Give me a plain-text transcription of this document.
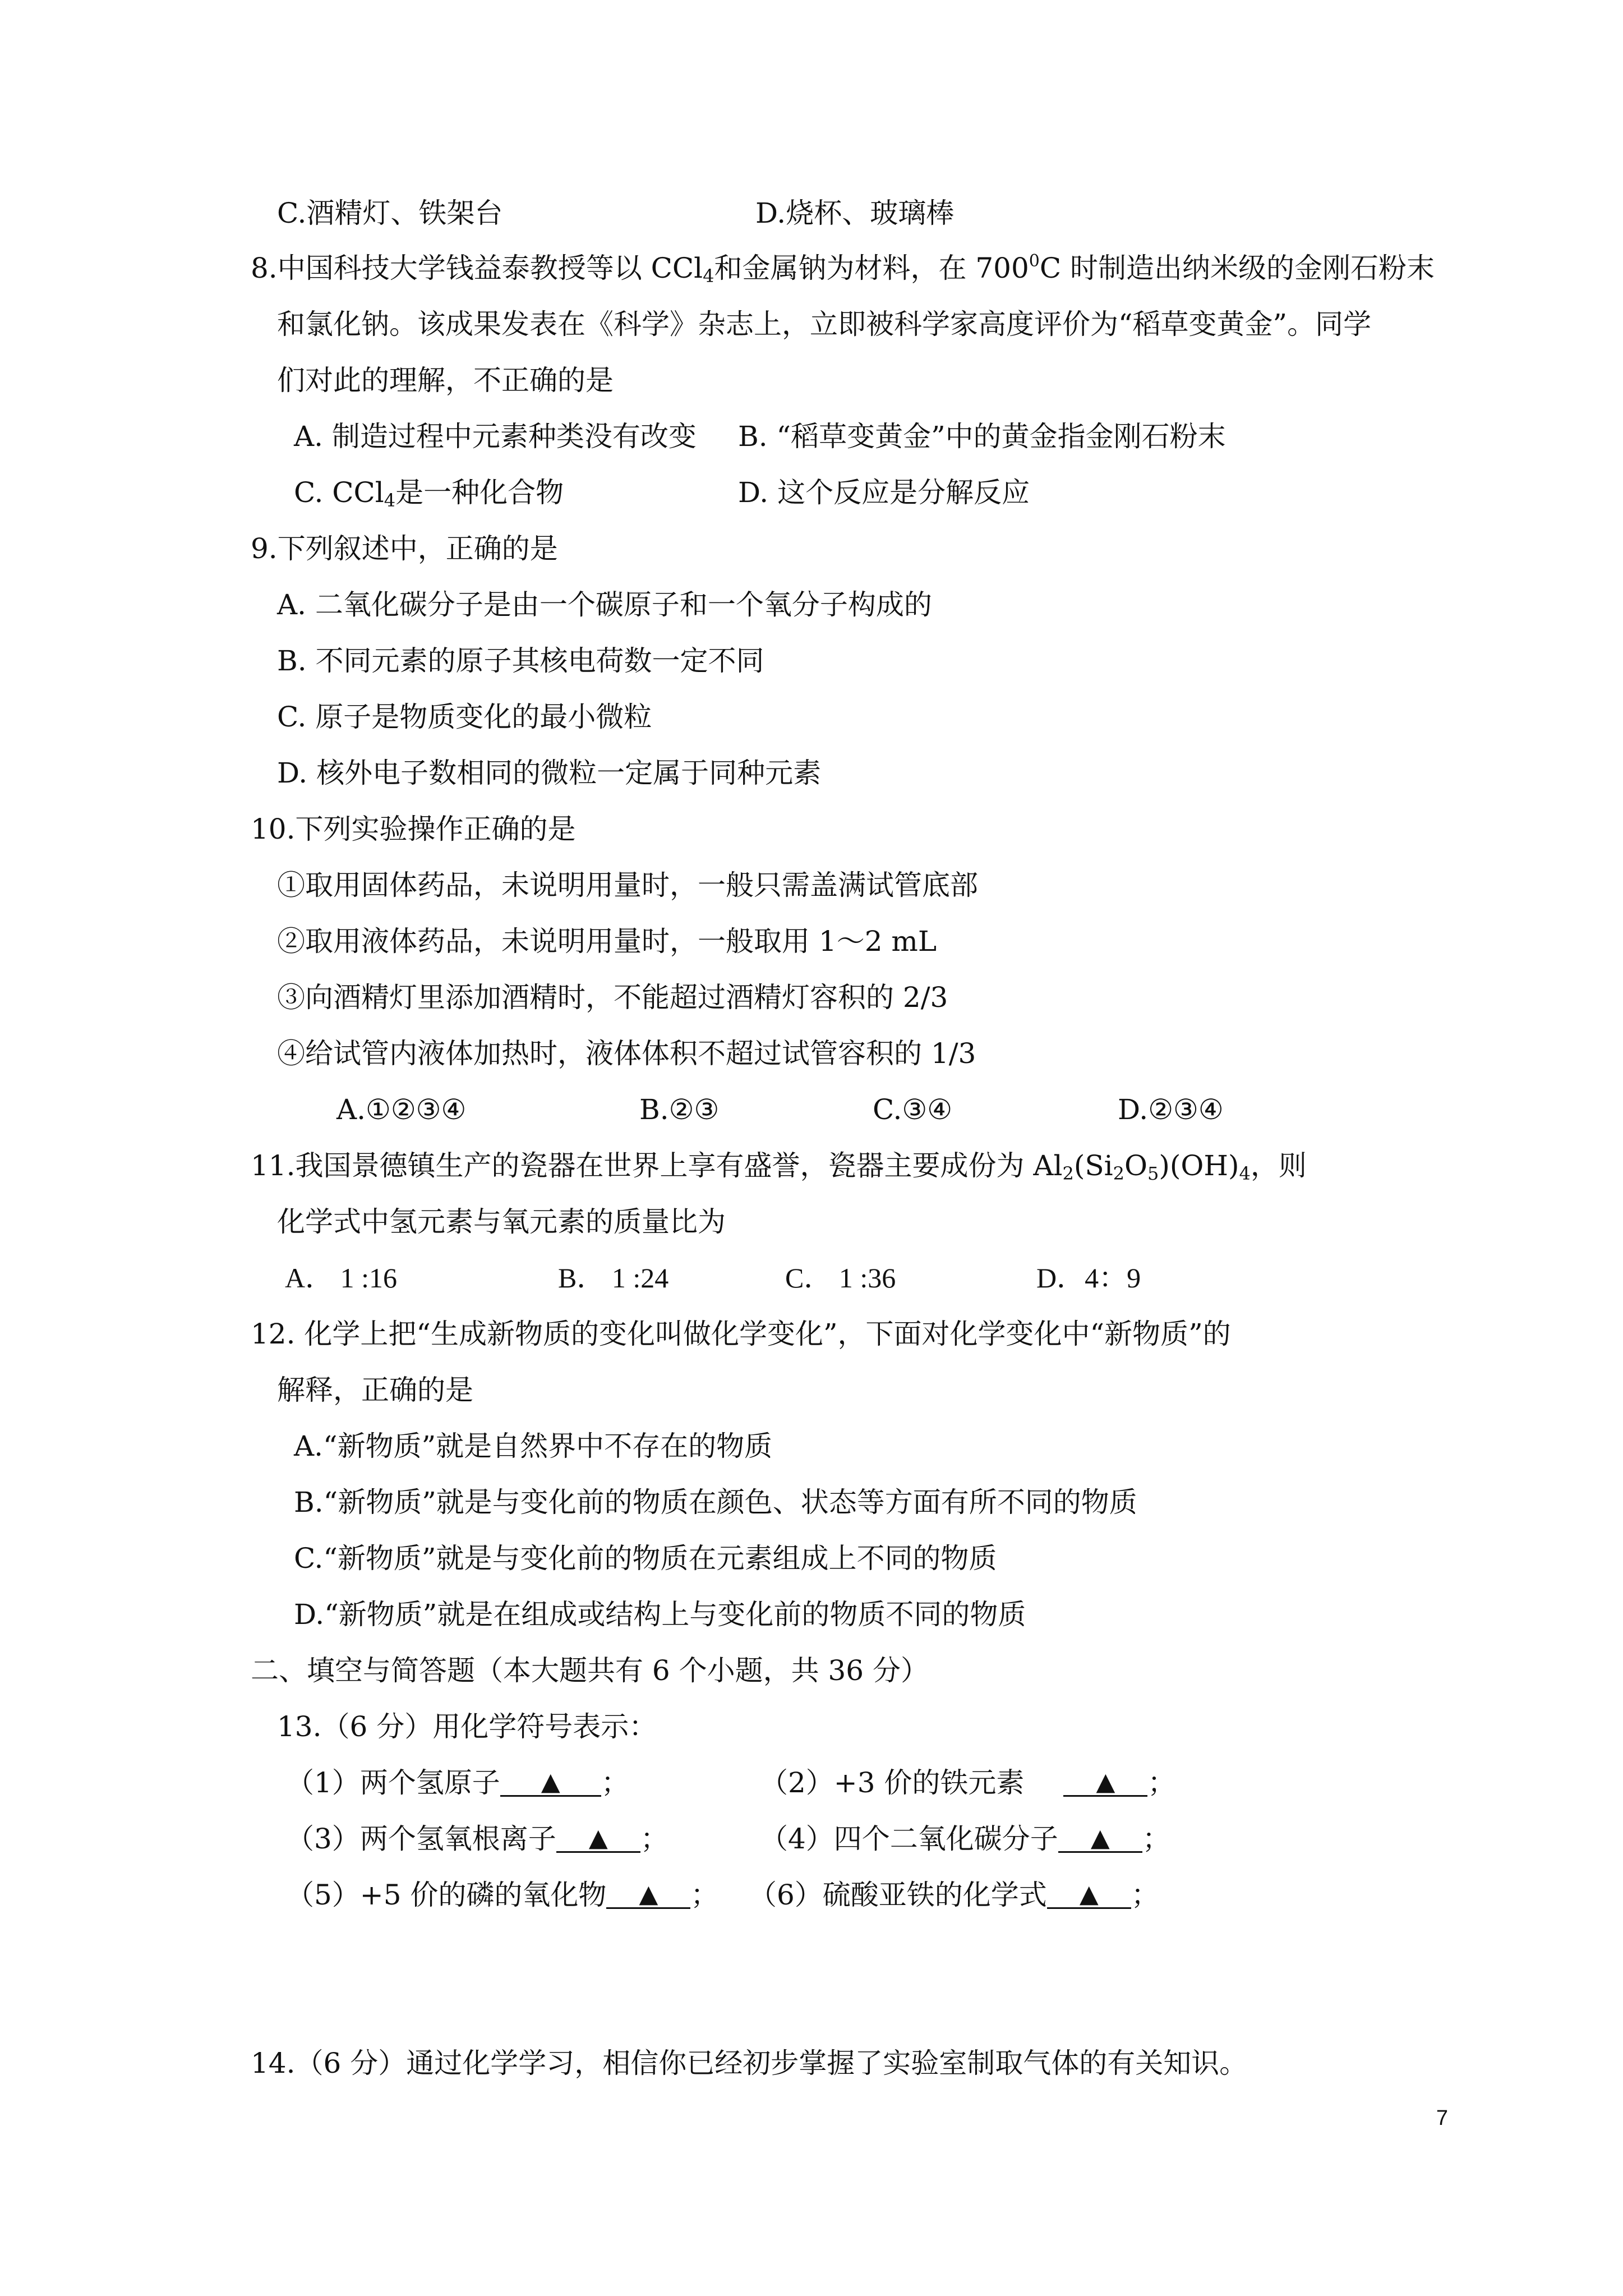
C.酒精灯、铁架台	D.烧杯、玻璃棒
8.中国科技大学钱益泰教授等以 CCl$_4$和金属钠为材料，在 $700^0C$ 时制造出纳米级的金刚石粉末
和氯化钠。该成果发表在《科学》杂志上，立即被科学家高度评价为“稻草变黄金”。同学
们对此的理解，不正确的是
A. 制造过程中元素种类没有改变 B. “稻草变黄金”中的黄金指金刚石粉末
C. CCl$_4$是一种化合物	D. 这个反应是分解反应
9.下列叙述中，正确的是
A. 二氧化碳分子是由一个碳原子和一个氧分子构成的
B. 不同元素的原子其核电荷数一定不同
C. 原子是物质变化的最小微粒
D. 核外电子数相同的微粒一定属于同种元素
10.下列实验操作正确的是
①取用固体药品，未说明用量时，一般只需盖满试管底部
②取用液体药品，未说明用量时，一般取用 1～2 mL
③向酒精灯里添加酒精时，不能超过酒精灯容积的 2/3
④给试管内液体加热时，液体体积不超过试管容积的 1/3
A.①②③④	B.②③	C.③④	D.②③④
11.我国景德镇生产的瓷器在世界上享有盛誉，瓷器主要成份为 $Al_2(Si_2O_5)(OH)_4$，则
化学式中氢元素与氧元素的质量比为
A． 1 :16	B． 1 :24	C． 1 :36	D．4：9
12. 化学上把“生成新物质的变化叫做化学变化”，下面对化学变化中“新物质”的
解释，正确的是
A.“新物质”就是自然界中不存在的物质
B.“新物质”就是与变化前的物质在颜色、状态等方面有所不同的物质
C.“新物质”就是与变化前的物质在元素组成上不同的物质
D.“新物质”就是在组成或结构上与变化前的物质不同的物质
二、填空与简答题（本大题共有 6 个小题，共 36 分）
13.（6 分）用化学符号表示：
（1）两个氢原子 ▲ ；	（2）+3 价的铁元素	▲ ；
（3）两个氢氧根离子 ▲ ；	（4）四个二氧化碳分子 ▲ ；
（5）+5 价的磷的氧化物 ▲ ； （6）硫酸亚铁的化学式 ▲ ；
14.（6 分）通过化学学习，相信你已经初步掌握了实验室制取气体的有关知识。
7
